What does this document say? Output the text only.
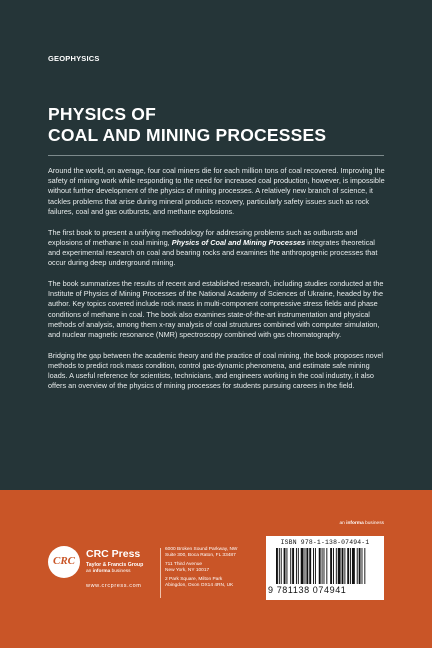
GEOPHYSICS
PHYSICS OF
COAL AND MINING PROCESSES

Around the world, on average, four coal miners die for each million tons of coal recovered. Improving the safety of mining work while responding to the need for increased coal production, however, is impossible without further development of the physics of mining processes. A relatively new branch of science, it tackles problems that arise during mineral products recovery, particularly safety issues such as rock failures, coal and gas outbursts, and methane explosions.

The first book to present a unifying methodology for addressing problems such as outbursts and explosions of methane in coal mining, Physics of Coal and Mining Processes integrates theoretical and experimental research on coal and bearing rocks and examines the anthropogenic processes that occur during deep underground mining.

The book summarizes the results of recent and established research, including studies conducted at the Institute of Physics of Mining Processes of the National Academy of Sciences of Ukraine, headed by the author. Key topics covered include rock mass in multi-component compressive stress fields and phase conditions of methane in coal. The book also examines state-of-the-art instrumentation and physical methods of analysis, among them x-ray analysis of coal structures combined with computer simulation, and nuclear magnetic resonance (NMR) spectroscopy combined with gas chromatography.

Bridging the gap between the academic theory and the practice of coal mining, the book proposes novel methods to predict rock mass condition, control gas-dynamic phenomena, and estimate safe mining loads. A useful reference for scientists, technicians, and engineers working in the coal industry, it also offers an overview of the physics of mining processes for students pursuing careers in the field.

an informa business
CRC
CRC Press
Taylor & Francis Group
an informa business
www.crcpress.com
6000 Broken Sound Parkway, NW
Suite 300, Boca Raton, FL 33487
711 Third Avenue
New York, NY 10017
2 Park Square, Milton Park
Abingdon, Oxon OX14 4RN, UK
ISBN 978-1-138-07494-1
9 781138 074941
